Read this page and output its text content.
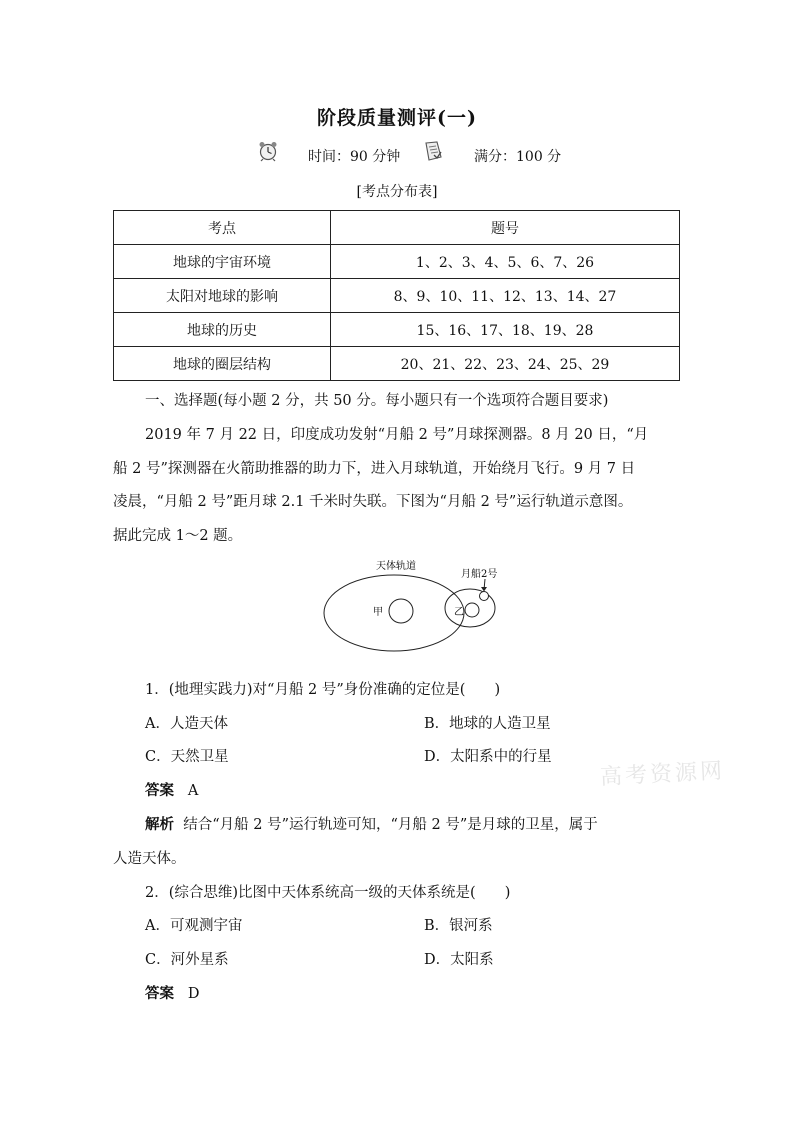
阶段质量测评(一)
时间：90 分钟	满分：100 分
[考点分布表]
考点	题号
地球的宇宙环境	1、2、3、4、5、6、7、26
太阳对地球的影响	8、9、10、11、12、13、14、27
地球的历史	15、16、17、18、19、28
地球的圈层结构	20、21、22、23、24、25、29

一、选择题(每小题 2 分，共 50 分。每小题只有一个选项符合题目要求)

2019 年 7 月 22 日，印度成功发射“月船 2 号”月球探测器。8 月 20 日，“月

船 2 号”探测器在火箭助推器的助力下，进入月球轨道，开始绕月飞行。9 月 7 日

凌晨，“月船 2 号”距月球 2.1 千米时失联。下图为“月船 2 号”运行轨道示意图。

据此完成 1～2 题。

天体轨道
月船2号
甲	乙

1．(地理实践力)对“月船 2 号”身份准确的定位是(　　)

A．人造天体	B．地球的人造卫星

C．天然卫星	D．太阳系中的行星

答案 A

解析 结合“月船 2 号”运行轨迹可知，“月船 2 号”是月球的卫星，属于

人造天体。

2．(综合思维)比图中天体系统高一级的天体系统是(　　)

A．可观测宇宙	B．银河系

C．河外星系	D．太阳系

答案 D

高考资源网
